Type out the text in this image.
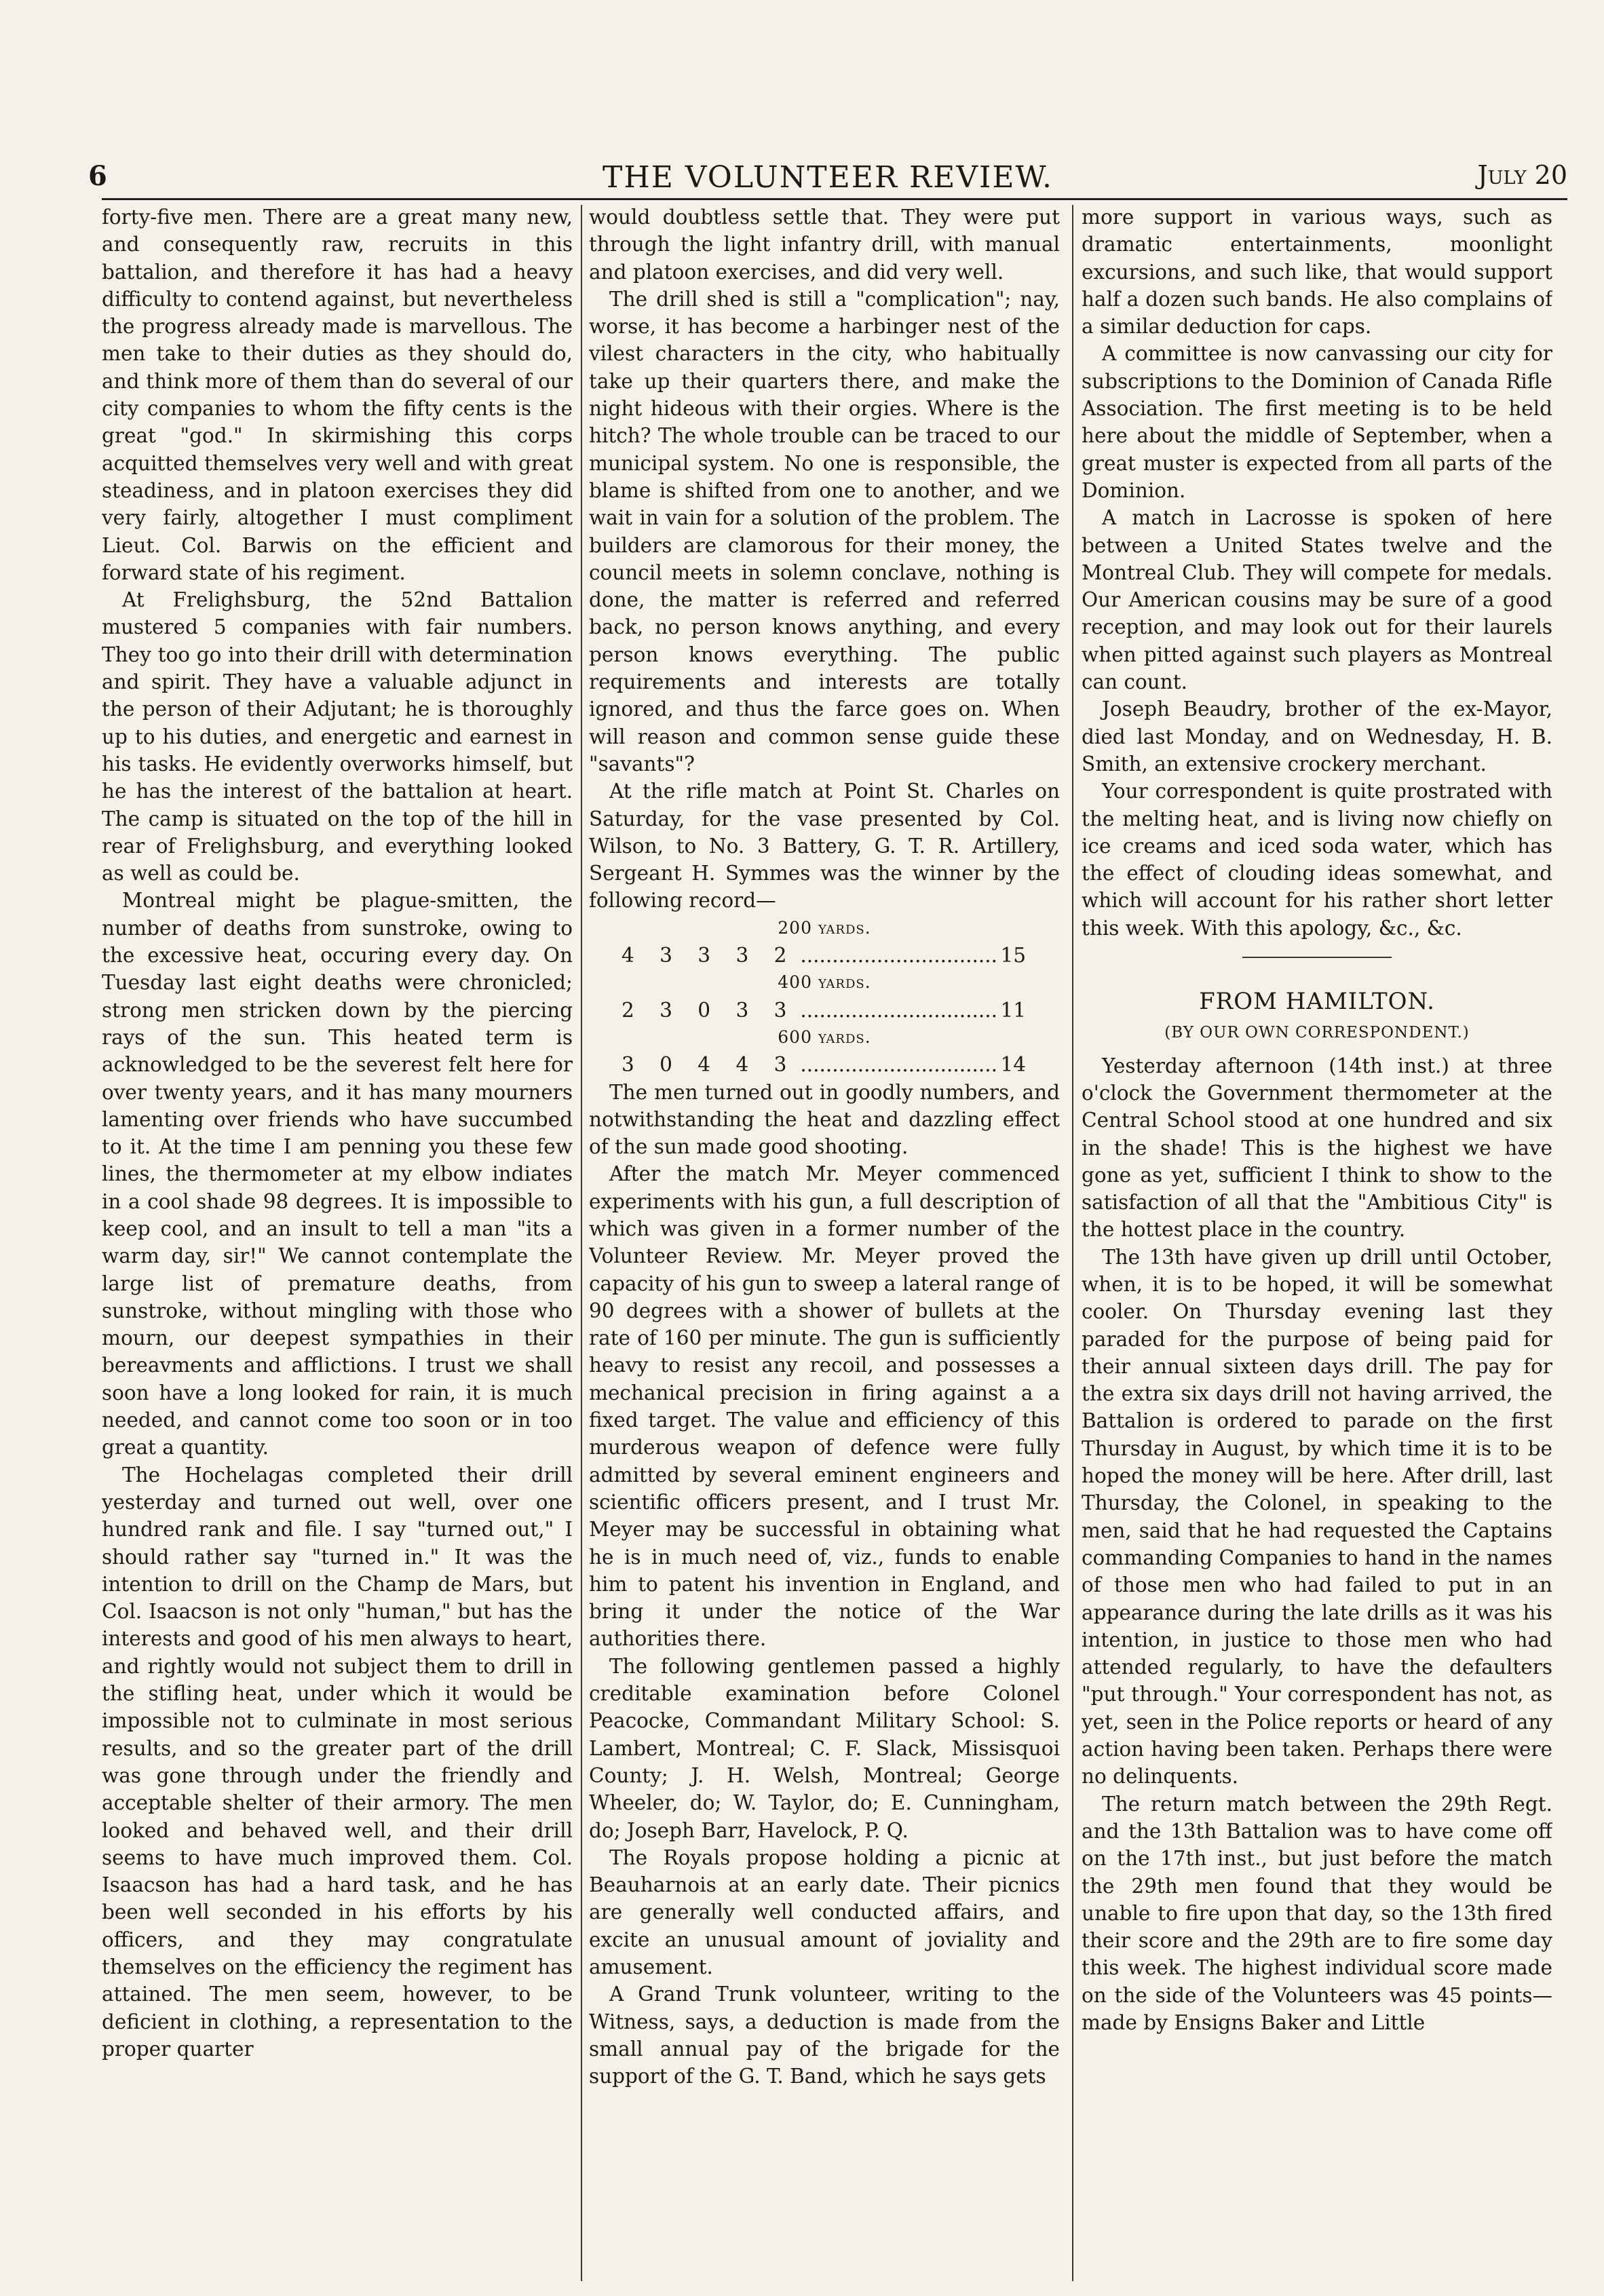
6	THE VOLUNTEER REVIEW.	July 20

forty-five men. There are a great many new, and consequently raw, recruits in this battalion, and therefore it has had a heavy difficulty to contend against, but nevertheless the progress already made is marvellous. The men take to their duties as they should do, and think more of them than do several of our city companies to whom the fifty cents is the great "god." In skirmishing this corps acquitted themselves very well and with great steadiness, and in platoon exercises they did very fairly, altogether I must compliment Lieut. Col. Barwis on the efficient and forward state of his regiment.

At Frelighsburg, the 52nd Battalion mustered 5 companies with fair numbers. They too go into their drill with determination and spirit. They have a valuable adjunct in the person of their Adjutant; he is thoroughly up to his duties, and energetic and earnest in his tasks. He evidently overworks himself, but he has the interest of the battalion at heart. The camp is situated on the top of the hill in rear of Frelighsburg, and everything looked as well as could be.

Montreal might be plague-smitten, the number of deaths from sunstroke, owing to the excessive heat, occuring every day. On Tuesday last eight deaths were chronicled; strong men stricken down by the piercing rays of the sun. This heated term is acknowledged to be the severest felt here for over twenty years, and it has many mourners lamenting over friends who have succumbed to it. At the time I am penning you these few lines, the thermometer at my elbow indiates in a cool shade 98 degrees. It is impossible to keep cool, and an insult to tell a man "its a warm day, sir!" We cannot contemplate the large list of premature deaths, from sunstroke, without mingling with those who mourn, our deepest sympathies in their bereavments and afflictions. I trust we shall soon have a long looked for rain, it is much needed, and cannot come too soon or in too great a quantity.

The Hochelagas completed their drill yesterday and turned out well, over one hundred rank and file. I say "turned out," I should rather say "turned in." It was the intention to drill on the Champ de Mars, but Col. Isaacson is not only "human," but has the interests and good of his men always to heart, and rightly would not subject them to drill in the stifling heat, under which it would be impossible not to culminate in most serious results, and so the greater part of the drill was gone through under the friendly and acceptable shelter of their armory. The men looked and behaved well, and their drill seems to have much improved them. Col. Isaacson has had a hard task, and he has been well seconded in his efforts by his officers, and they may congratulate themselves on the efficiency the regiment has attained. The men seem, however, to be deficient in clothing, a representation to the proper quarter

would doubtless settle that. They were put through the light infantry drill, with manual and platoon exercises, and did very well.

The drill shed is still a "complication"; nay, worse, it has become a harbinger nest of the vilest characters in the city, who habitually take up their quarters there, and make the night hideous with their orgies. Where is the hitch? The whole trouble can be traced to our municipal system. No one is responsible, the blame is shifted from one to another, and we wait in vain for a solution of the problem. The builders are clamorous for their money, the council meets in solemn conclave, nothing is done, the matter is referred and referred back, no person knows anything, and every person knows everything. The public requirements and interests are totally ignored, and thus the farce goes on. When will reason and common sense guide these "savants"?

At the rifle match at Point St. Charles on Saturday, for the vase presented by Col. Wilson, to No. 3 Battery, G. T. R. Artillery, Sergeant H. Symmes was the winner by the following record—

200 yards.
4 3 3 3 2 .....	15
400 yards.
2 3 0 3 3 .....	11
600 yards.
3 0 4 4 3 .....	14

The men turned out in goodly numbers, and notwithstanding the heat and dazzling effect of the sun made good shooting.

After the match Mr. Meyer commenced experiments with his gun, a full description of which was given in a former number of the Volunteer Review. Mr. Meyer proved the capacity of his gun to sweep a lateral range of 90 degrees with a shower of bullets at the rate of 160 per minute. The gun is sufficiently heavy to resist any recoil, and possesses a mechanical precision in firing against a a fixed target. The value and efficiency of this murderous weapon of defence were fully admitted by several eminent engineers and scientific officers present, and I trust Mr. Meyer may be successful in obtaining what he is in much need of, viz., funds to enable him to patent his invention in England, and bring it under the notice of the War authorities there.

The following gentlemen passed a highly creditable examination before Colonel Peacocke, Commandant Military School: S. Lambert, Montreal; C. F. Slack, Missisquoi County; J. H. Welsh, Montreal; George Wheeler, do; W. Taylor, do; E. Cunningham, do; Joseph Barr, Havelock, P. Q.

The Royals propose holding a picnic at Beauharnois at an early date. Their picnics are generally well conducted affairs, and excite an unusual amount of joviality and amusement.

A Grand Trunk volunteer, writing to the Witness, says, a deduction is made from the small annual pay of the brigade for the support of the G. T. Band, which he says gets

more support in various ways, such as dramatic entertainments, moonlight excursions, and such like, that would support half a dozen such bands. He also complains of a similar deduction for caps.

A committee is now canvassing our city for subscriptions to the Dominion of Canada Rifle Association. The first meeting is to be held here about the middle of September, when a great muster is expected from all parts of the Dominion.

A match in Lacrosse is spoken of here between a United States twelve and the Montreal Club. They will compete for medals. Our American cousins may be sure of a good reception, and may look out for their laurels when pitted against such players as Montreal can count.

Joseph Beaudry, brother of the ex-Mayor, died last Monday, and on Wednesday, H. B. Smith, an extensive crockery merchant.

Your correspondent is quite prostrated with the melting heat, and is living now chiefly on ice creams and iced soda water, which has the effect of clouding ideas somewhat, and which will account for his rather short letter this week. With this apology, &c., &c.

FROM HAMILTON.
(BY OUR OWN CORRESPONDENT.)

Yesterday afternoon (14th inst.) at three o'clock the Government thermometer at the Central School stood at one hundred and six in the shade! This is the highest we have gone as yet, sufficient I think to show to the satisfaction of all that the "Ambitious City" is the hottest place in the country.

The 13th have given up drill until October, when, it is to be hoped, it will be somewhat cooler. On Thursday evening last they paraded for the purpose of being paid for their annual sixteen days drill. The pay for the extra six days drill not having arrived, the Battalion is ordered to parade on the first Thursday in August, by which time it is to be hoped the money will be here. After drill, last Thursday, the Colonel, in speaking to the men, said that he had requested the Captains commanding Companies to hand in the names of those men who had failed to put in an appearance during the late drills as it was his intention, in justice to those men who had attended regularly, to have the defaulters "put through." Your correspondent has not, as yet, seen in the Police reports or heard of any action having been taken. Perhaps there were no delinquents.

The return match between the 29th Regt. and the 13th Battalion was to have come off on the 17th inst., but just before the match the 29th men found that they would be unable to fire upon that day, so the 13th fired their score and the 29th are to fire some day this week. The highest individual score made on the side of the Volunteers was 45 points—made by Ensigns Baker and Little
